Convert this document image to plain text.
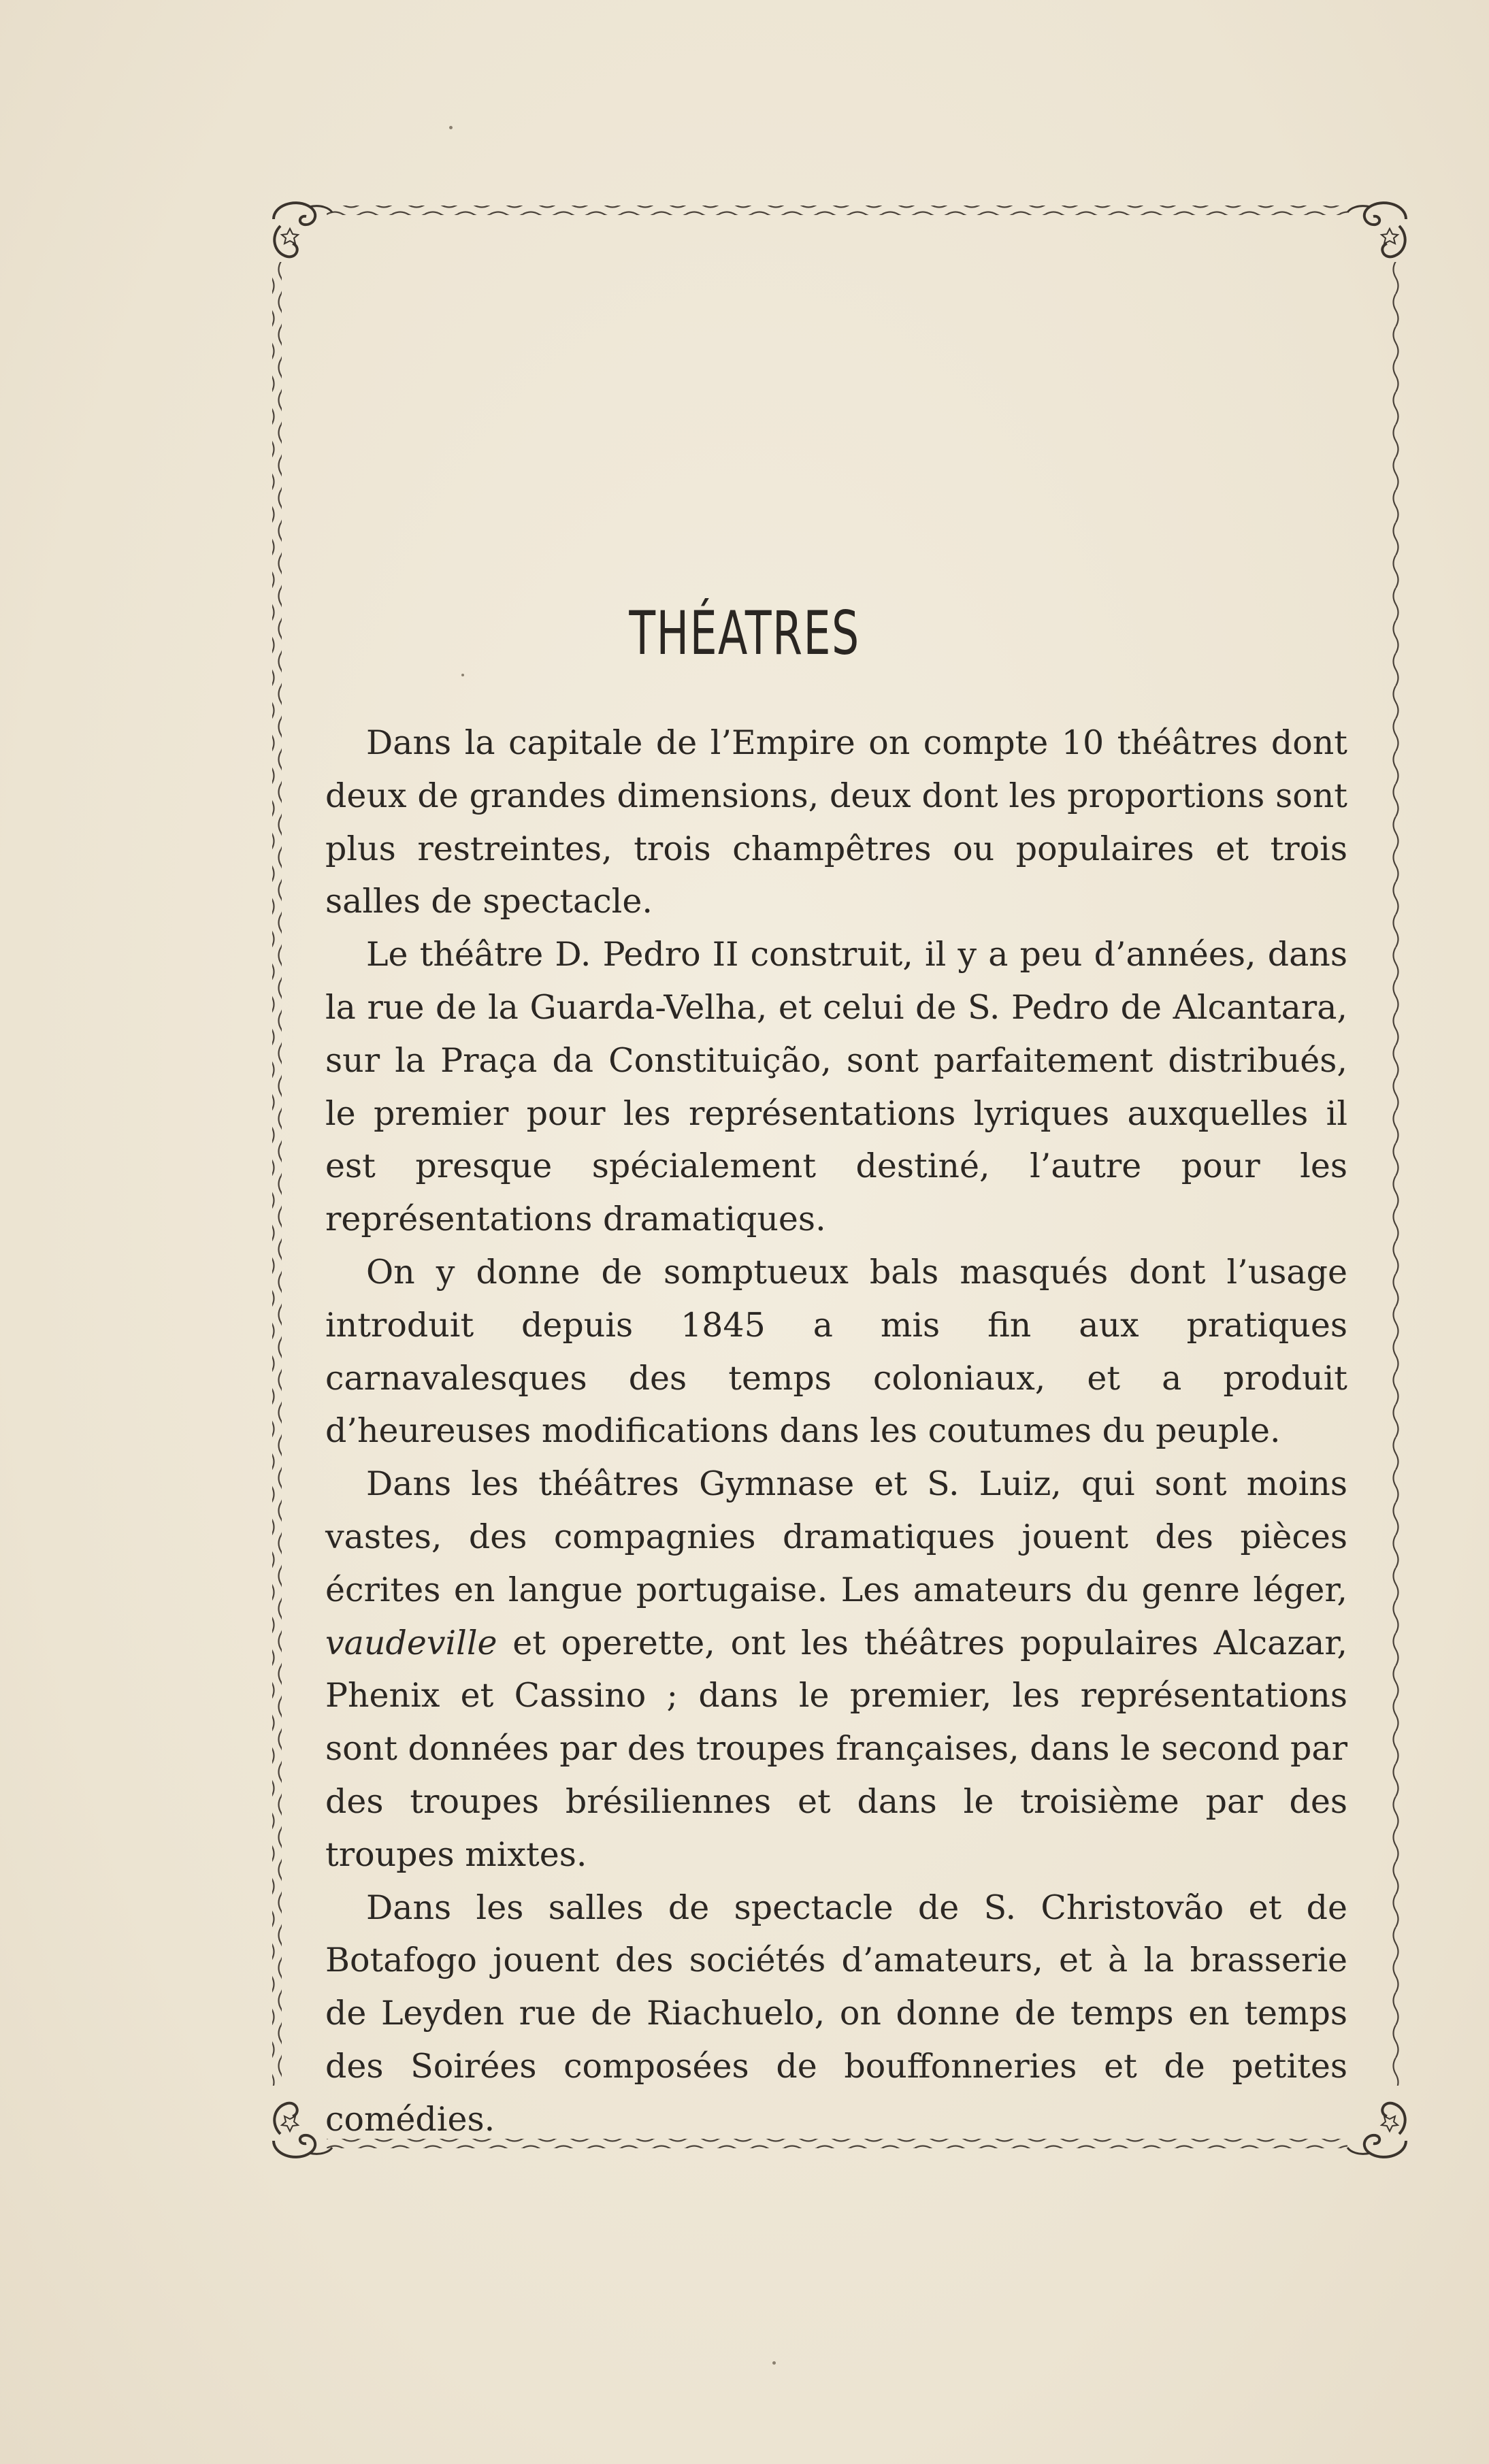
THÉATRES

Dans la capitale de l’Empire on compte 10 théâtres dont deux de grandes dimensions, deux dont les proportions sont plus restreintes, trois champêtres ou populaires et trois salles de spectacle.

Le théâtre D. Pedro II construit, il y a peu d’années, dans la rue de la Guarda-Velha, et celui de S. Pedro de Alcantara, sur la Praça da Constituição, sont parfaitement distribués, le premier pour les représentations lyriques auxquelles il est presque spécialement destiné, l’autre pour les représentations dramatiques.

On y donne de somptueux bals masqués dont l’usage introduit depuis 1845 a mis fin aux pratiques carnavalesques des temps coloniaux, et a produit d’heureuses modifications dans les coutumes du peuple.

Dans les théâtres Gymnase et S. Luiz, qui sont moins vastes, des compagnies dramatiques jouent des pièces écrites en langue portugaise. Les amateurs du genre léger, vaudeville et operette, ont les théâtres populaires Alcazar, Phenix et Cassino ; dans le premier, les représentations sont données par des troupes françaises, dans le second par des troupes brésiliennes et dans le troisième par des troupes mixtes.

Dans les salles de spectacle de S. Christovão et de Botafogo jouent des sociétés d’amateurs, et à la brasserie de Leyden rue de Riachuelo, on donne de temps en temps des Soirées composées de bouffonneries et de petites comédies.
